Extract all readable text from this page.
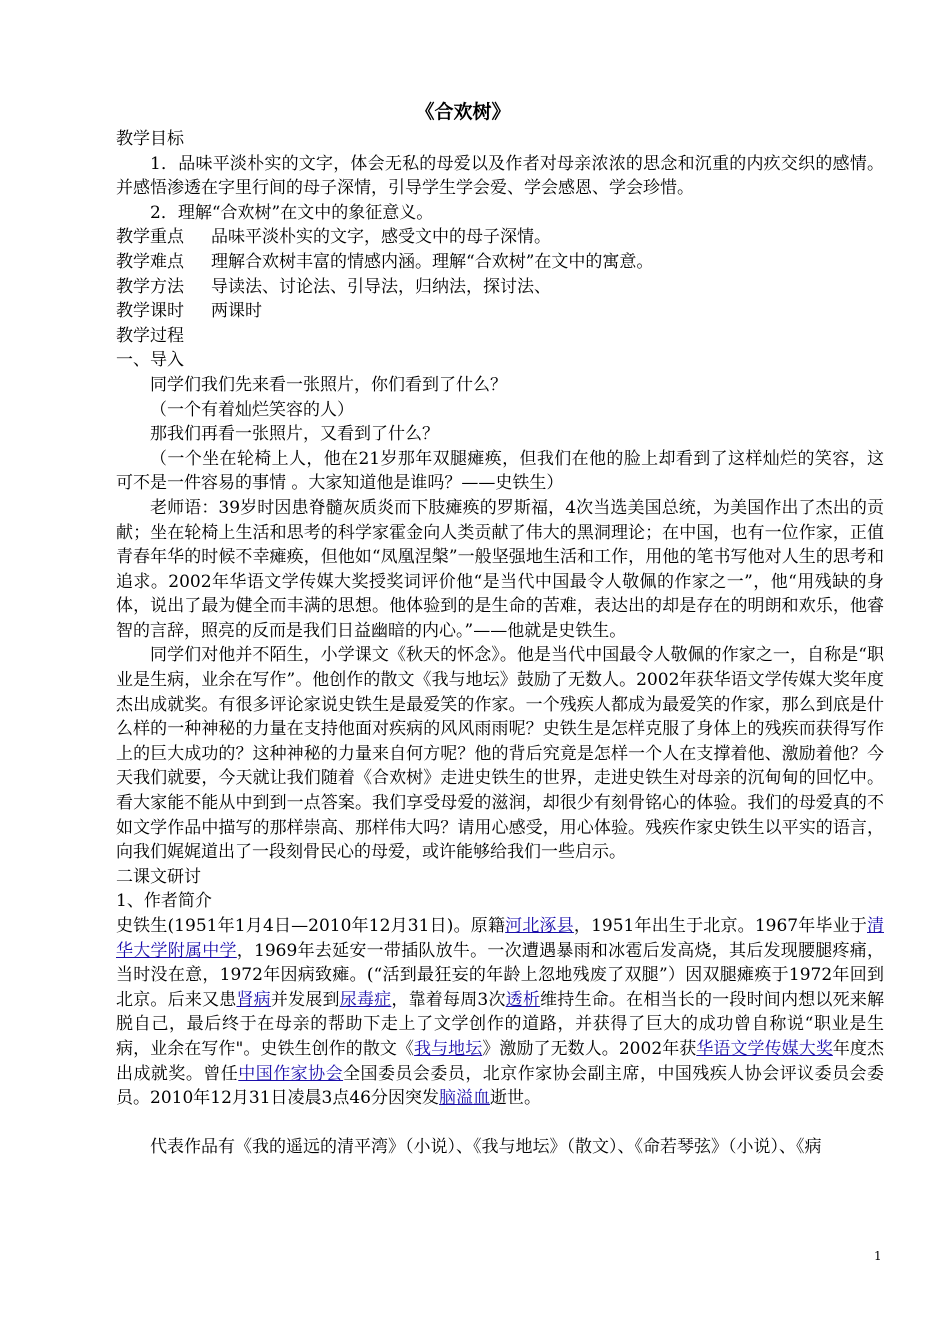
《合欢树》

教学目标

1．品味平淡朴实的文字，体会无私的母爱以及作者对母亲浓浓的思念和沉重的内疚交织的感情。并感悟渗透在字里行间的母子深情，引导学生学会爱、学会感恩、学会珍惜。

2．理解“合欢树”在文中的象征意义。

教学重点 品味平淡朴实的文字，感受文中的母子深情。

教学难点 理解合欢树丰富的情感内涵。理解“合欢树”在文中的寓意。

教学方法 导读法、讨论法、引导法，归纳法，探讨法、

教学课时 两课时

教学过程

一、导入

同学们我们先来看一张照片，你们看到了什么？

（一个有着灿烂笑容的人）

那我们再看一张照片，又看到了什么？

（一个坐在轮椅上人，他在21岁那年双腿瘫痪，但我们在他的脸上却看到了这样灿烂的笑容，这可不是一件容易的事情 。大家知道他是谁吗？——史铁生）

老师语：39岁时因患脊髓灰质炎而下肢瘫痪的罗斯福，4次当选美国总统，为美国作出了杰出的贡献；坐在轮椅上生活和思考的科学家霍金向人类贡献了伟大的黑洞理论；在中国，也有一位作家，正值青春年华的时候不幸瘫痪，但他如“凤凰涅槃”一般坚强地生活和工作，用他的笔书写他对人生的思考和追求。2002年华语文学传媒大奖授奖词评价他“是当代中国最令人敬佩的作家之一”，他“用残缺的身体，说出了最为健全而丰满的思想。他体验到的是生命的苦难，表达出的却是存在的明朗和欢乐，他睿智的言辞，照亮的反而是我们日益幽暗的内心。”——他就是史铁生。

同学们对他并不陌生，小学课文《秋天的怀念》。他是当代中国最令人敬佩的作家之一，自称是“职业是生病，业余在写作”。他创作的散文《我与地坛》鼓励了无数人。2002年获华语文学传媒大奖年度杰出成就奖。有很多评论家说史铁生是最爱笑的作家。一个残疾人都成为最爱笑的作家，那么到底是什么样的一种神秘的力量在支持他面对疾病的风风雨雨呢？史铁生是怎样克服了身体上的残疾而获得写作上的巨大成功的？这种神秘的力量来自何方呢？他的背后究竟是怎样一个人在支撑着他、激励着他？今天我们就要，今天就让我们随着《合欢树》走进史铁生的世界，走进史铁生对母亲的沉甸甸的回忆中。看大家能不能从中到到一点答案。我们享受母爱的滋润，却很少有刻骨铭心的体验。我们的母爱真的不如文学作品中描写的那样崇高、那样伟大吗？请用心感受，用心体验。残疾作家史铁生以平实的语言，向我们娓娓道出了一段刻骨民心的母爱，或许能够给我们一些启示。

二课文研讨

1、作者简介

史铁生(1951年1月4日—2010年12月31日)。原籍河北涿县，1951年出生于北京。1967年毕业于清华大学附属中学，1969年去延安一带插队放牛。一次遭遇暴雨和冰雹后发高烧，其后发现腰腿疼痛，当时没在意，1972年因病致瘫。(“活到最狂妄的年龄上忽地残废了双腿”）因双腿瘫痪于1972年回到北京。后来又患肾病并发展到尿毒症，靠着每周3次透析维持生命。在相当长的一段时间内想以死来解脱自己，最后终于在母亲的帮助下走上了文学创作的道路，并获得了巨大的成功曾自称说“职业是生病，业余在写作"。史铁生创作的散文《我与地坛》激励了无数人。2002年获华语文学传媒大奖年度杰出成就奖。曾任中国作家协会全国委员会委员，北京作家协会副主席，中国残疾人协会评议委员会委员。2010年12月31日凌晨3点46分因突发脑溢血逝世。

代表作品有《我的遥远的清平湾》（小说）、《我与地坛》（散文）、《命若琴弦》（小说）、《病

1
